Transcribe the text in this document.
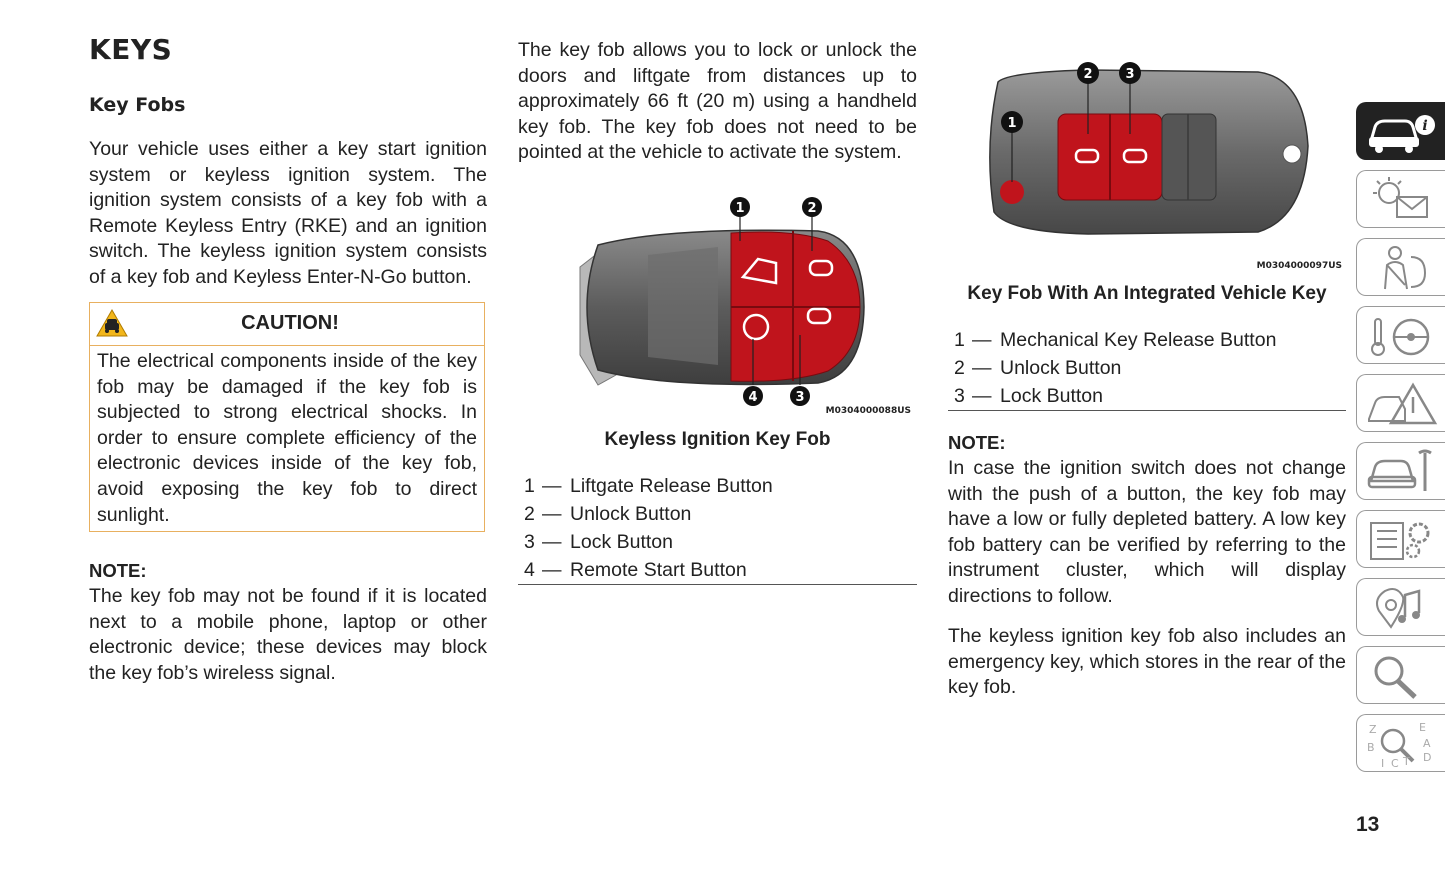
KEYS
Key Fobs

Your vehicle uses either a key start ignition system or keyless ignition system. The ignition system consists of a key fob with a Remote Keyless Entry (RKE) and an ignition switch. The keyless ignition system consists of a key fob and Keyless Enter-N-Go button.

CAUTION!

The electrical components inside of the key fob may be damaged if the key fob is subjected to strong electrical shocks. In order to ensure complete efficiency of the electronic devices inside of the key fob, avoid exposing the key fob to direct sunlight.

NOTE:

The key fob may not be found if it is located next to a mobile phone, laptop or other electronic device; these devices may block the key fob’s wireless signal.

The key fob allows you to lock or unlock the doors and liftgate from distances up to approximately 66 ft (20 m) using a handheld key fob. The key fob does not need to be pointed at the vehicle to activate the system.

1	2
3
4
M0304000088US
Keyless Ignition Key Fob
1 — Liftgate Release Button
2 — Unlock Button
3 — Lock Button
4 — Remote Start Button
1
2	3
M0304000097US
Key Fob With An Integrated Vehicle Key
1 — Mechanical Key Release Button
2 — Unlock Button
3 — Lock Button
NOTE:

In case the ignition switch does not change with the push of a button, the key fob may have a low or fully depleted battery. A low key fob battery can be verified by referring to the instrument cluster, which will display directions to follow.

The keyless ignition key fob also includes an emergency key, which stores in the rear of the key fob.

i
Z	E
B	A
I C T D
13
